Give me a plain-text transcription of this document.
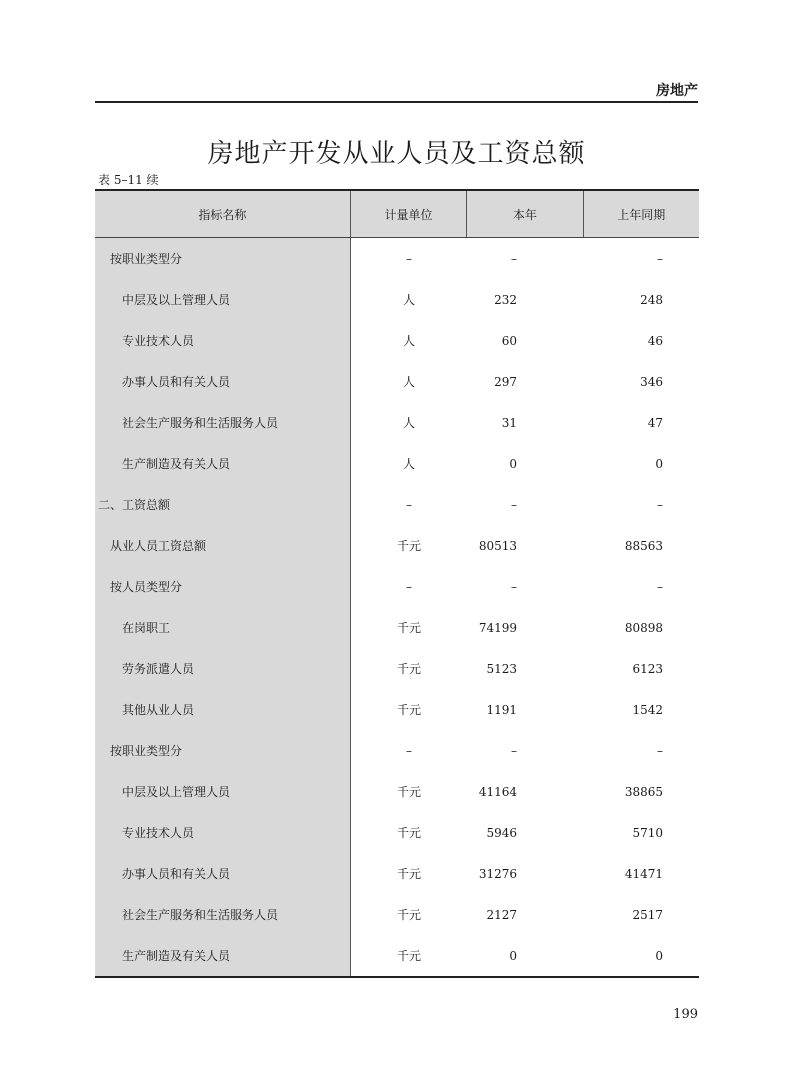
房地产
房地产开发从业人员及工资总额
表 5–11 续
指标名称	计量单位	本年	上年同期
按职业类型分	–	–	–
中层及以上管理人员	人	232	248
专业技术人员	人	60	46
办事人员和有关人员	人	297	346
社会生产服务和生活服务人员	人	31	47
生产制造及有关人员	人	0	0
二、工资总额	–	–	–
从业人员工资总额	千元	80513	88563
按人员类型分	–	–	–
在岗职工	千元	74199	80898
劳务派遣人员	千元	5123	6123
其他从业人员	千元	1191	1542
按职业类型分	–	–	–
中层及以上管理人员	千元	41164	38865
专业技术人员	千元	5946	5710
办事人员和有关人员	千元	31276	41471
社会生产服务和生活服务人员	千元	2127	2517
生产制造及有关人员	千元	0	0
199
